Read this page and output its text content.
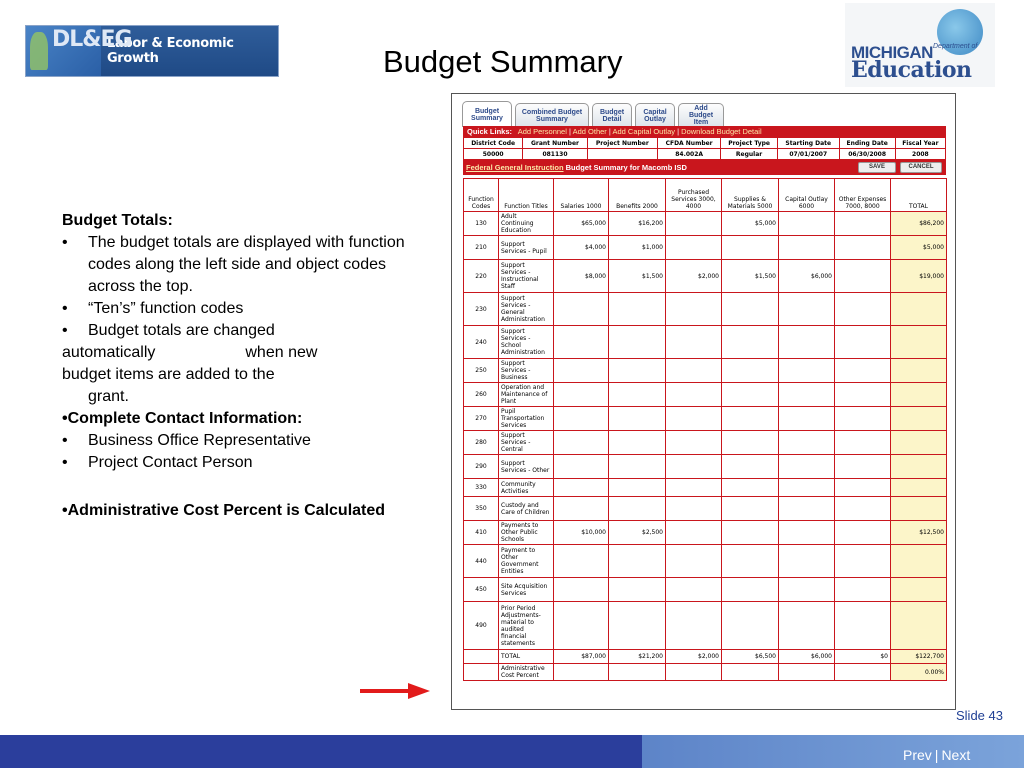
DL&EG
Labor & Economic Growth	Budget Summary	MICHIGAN Department of
Education
Budget Totals:
•	The budget totals are displayed with function codes along the left side and object codes across the top.
•	“Ten’s” function codes
•	Budget totals are changed
automatically	when new
budget items are added to the
grant.
•Complete Contact Information:
•	Business Office Representative
•	Project Contact Person
•Administrative Cost Percent is Calculated
Budget Summary
Combined Budget Summary
Budget Detail
Capital Outlay
Add Budget Item
Quick Links: Add Personnel | Add Other | Add Capital Outlay | Download Budget Detail
District Code	Grant Number	Project Number	CFDA Number	Project Type	Starting Date	Ending Date	Fiscal Year
50000	081130		84.002A	Regular	07/01/2007	06/30/2008	2008
Federal General Instruction Budget Summary for Macomb ISD	SAVE	CANCEL
Function Codes	Function Titles	Salaries 1000	Benefits 2000	Purchased Services 3000, 4000	Supplies & Materials 5000	Capital Outlay 6000	Other Expenses 7000, 8000	TOTAL
130	Adult Continuing Education	$65,000	$16,200		$5,000			$86,200
210	Support Services - Pupil	$4,000	$1,000					$5,000
220	Support Services - Instructional Staff	$8,000	$1,500	$2,000	$1,500	$6,000		$19,000
230	Support Services - General Administration							
240	Support Services - School Administration							
250	Support Services - Business							
260	Operation and Maintenance of Plant							
270	Pupil Transportation Services							
280	Support Services - Central							
290	Support Services - Other							
330	Community Activities							
350	Custody and Care of Children							
410	Payments to Other Public Schools	$10,000	$2,500					$12,500
440	Payment to Other Government Entities							
450	Site Acquisition Services							
490	Prior Period Adjustments-material to audited financial statements							
	TOTAL	$87,000	$21,200	$2,000	$6,500	$6,000	$0	$122,700
	Administrative Cost Percent							0.00%
Slide 43
Prev | Next
